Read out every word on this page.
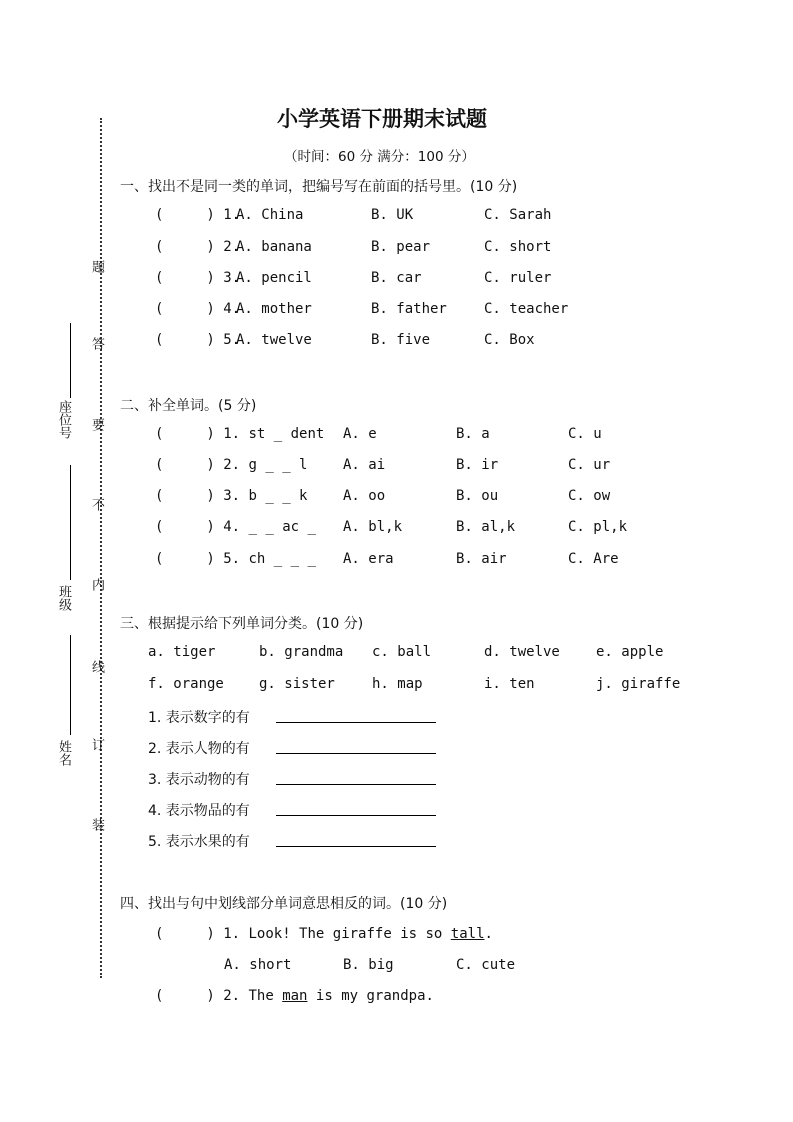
题
答
要
不
内
线
订
装
座位号
班级
姓名
小学英语下册期末试题
（时间：60 分 满分：100 分）
一、找出不是同一类的单词，把编号写在前面的括号里。(10 分)
(	) 1.
A. China	B. UK	C. Sarah
(	) 2.
A. banana	B. pear	C. short
(	) 3.
A. pencil	B. car	C. ruler
(	) 4.
A. mother	B. father	C. teacher
(	) 5.
A. twelve	B. five	C. Box
二、补全单词。(5 分)
(	) 1. st _ dent A. e	B. a	C. u
(	) 2. g _ _ l	A. ai	B. ir	C. ur
(	) 3. b _ _ k	A. oo	B. ou	C. ow
(	) 4. _ _ ac _ A. bl,k	B. al,k	C. pl,k
(	) 5. ch _ _ _ A. era	B. air	C. Are
三、根据提示给下列单词分类。(10 分)
a. tiger	b. grandma c. ball	d. twelve	e. apple
f. orange	g. sister	h. map	i. ten	j. giraffe
1. 表示数字的有
2. 表示人物的有
3. 表示动物的有
4. 表示物品的有
5. 表示水果的有
四、找出与句中划线部分单词意思相反的词。(10 分)
(	) 1. Look! The giraffe is so tall.
A. short	B. big	C. cute
(	) 2. The man is my grandpa.
